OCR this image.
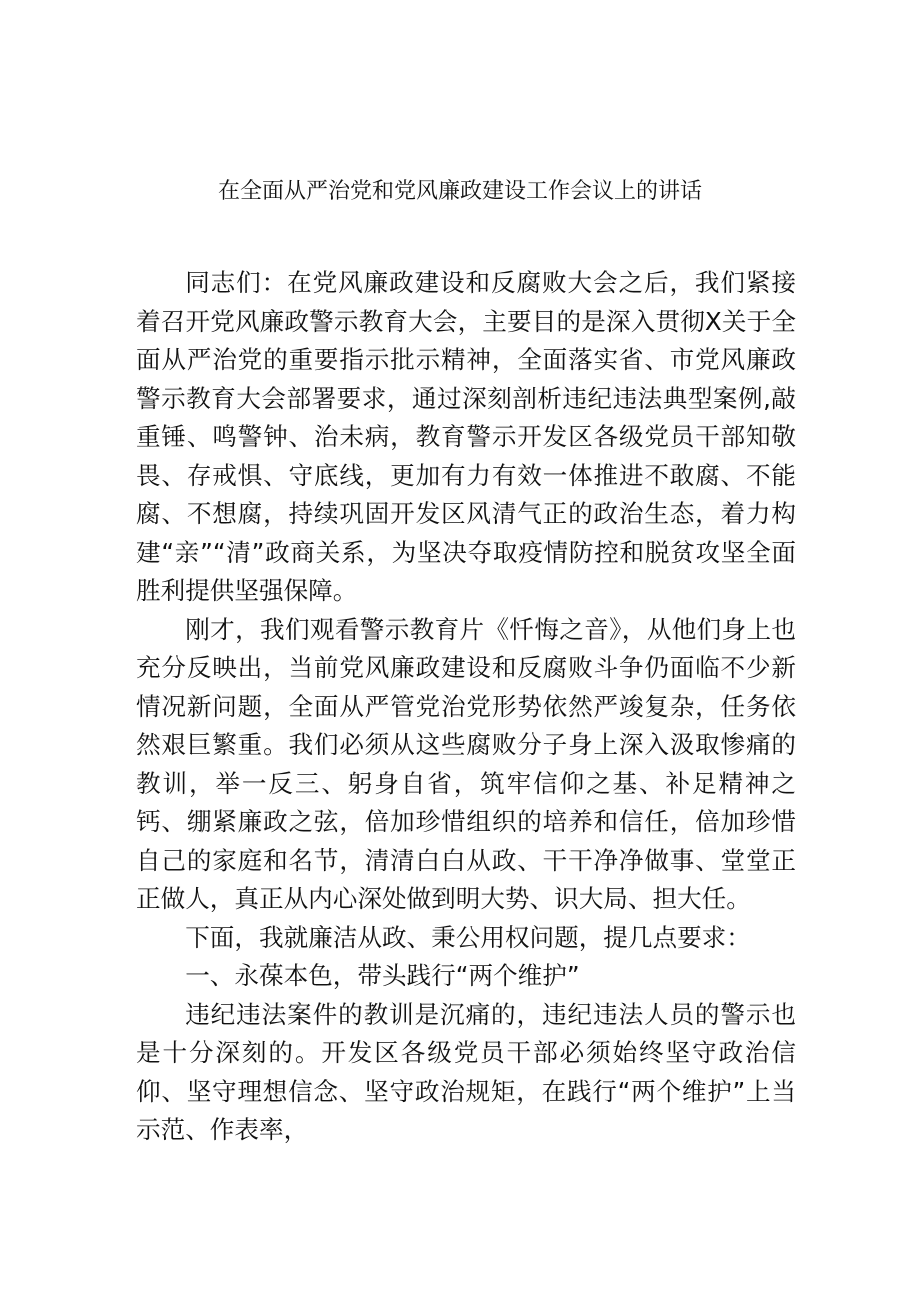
在全面从严治党和党风廉政建设工作会议上的讲话

同志们：在党风廉政建设和反腐败大会之后，我们紧接着召开党风廉政警示教育大会，主要目的是深入贯彻X关于全面从严治党的重要指示批示精神，全面落实省、市党风廉政警示教育大会部署要求，通过深刻剖析违纪违法典型案例,敲重锤、鸣警钟、治未病，教育警示开发区各级党员干部知敬畏、存戒惧、守底线，更加有力有效一体推进不敢腐、不能腐、不想腐，持续巩固开发区风清气正的政治生态，着力构建“亲”“清”政商关系，为坚决夺取疫情防控和脱贫攻坚全面胜利提供坚强保障。

刚才，我们观看警示教育片《忏悔之音》，从他们身上也充分反映出，当前党风廉政建设和反腐败斗争仍面临不少新情况新问题，全面从严管党治党形势依然严竣复杂，任务依然艰巨繁重。我们必须从这些腐败分子身上深入汲取惨痛的教训，举一反三、躬身自省，筑牢信仰之基、补足精神之钙、绷紧廉政之弦，倍加珍惜组织的培养和信任，倍加珍惜自己的家庭和名节，清清白白从政、干干净净做事、堂堂正正做人，真正从内心深处做到明大势、识大局、担大任。

下面，我就廉洁从政、秉公用权问题，提几点要求：

一、永葆本色，带头践行“两个维护”

违纪违法案件的教训是沉痛的，违纪违法人员的警示也是十分深刻的。开发区各级党员干部必须始终坚守政治信仰、坚守理想信念、坚守政治规矩，在践行“两个维护”上当示范、作表率，
